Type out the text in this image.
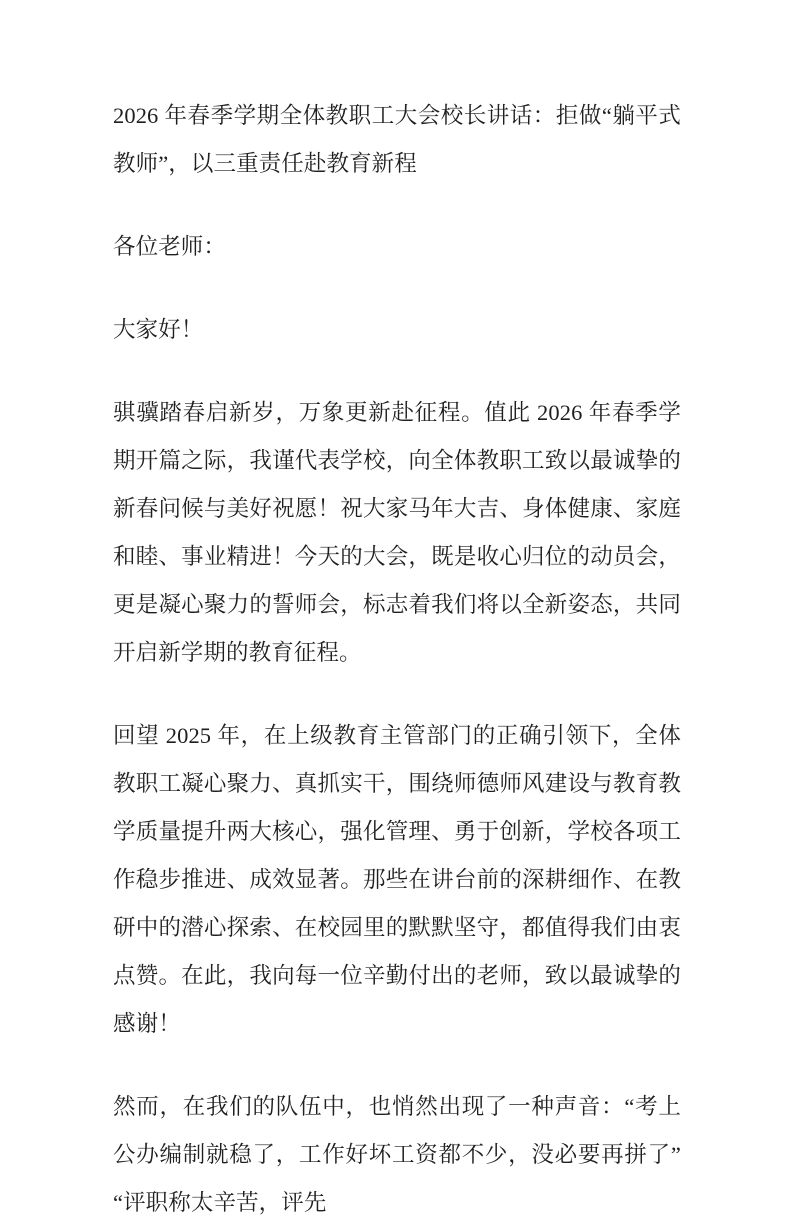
2026 年春季学期全体教职工大会校长讲话：拒做“躺平式教师”，以三重责任赴教育新程

各位老师：

大家好！

骐骥踏春启新岁，万象更新赴征程。值此 2026 年春季学期开篇之际，我谨代表学校，向全体教职工致以最诚挚的新春问候与美好祝愿！祝大家马年大吉、身体健康、家庭和睦、事业精进！今天的大会，既是收心归位的动员会，更是凝心聚力的誓师会，标志着我们将以全新姿态，共同开启新学期的教育征程。

回望 2025 年，在上级教育主管部门的正确引领下，全体教职工凝心聚力、真抓实干，围绕师德师风建设与教育教学质量提升两大核心，强化管理、勇于创新，学校各项工作稳步推进、成效显著。那些在讲台前的深耕细作、在教研中的潜心探索、在校园里的默默坚守，都值得我们由衷点赞。在此，我向每一位辛勤付出的老师，致以最诚挚的感谢！

然而，在我们的队伍中，也悄然出现了一种声音：“考上公办编制就稳了，工作好坏工资都不少，没必要再拼了”“评职称太辛苦，评先
